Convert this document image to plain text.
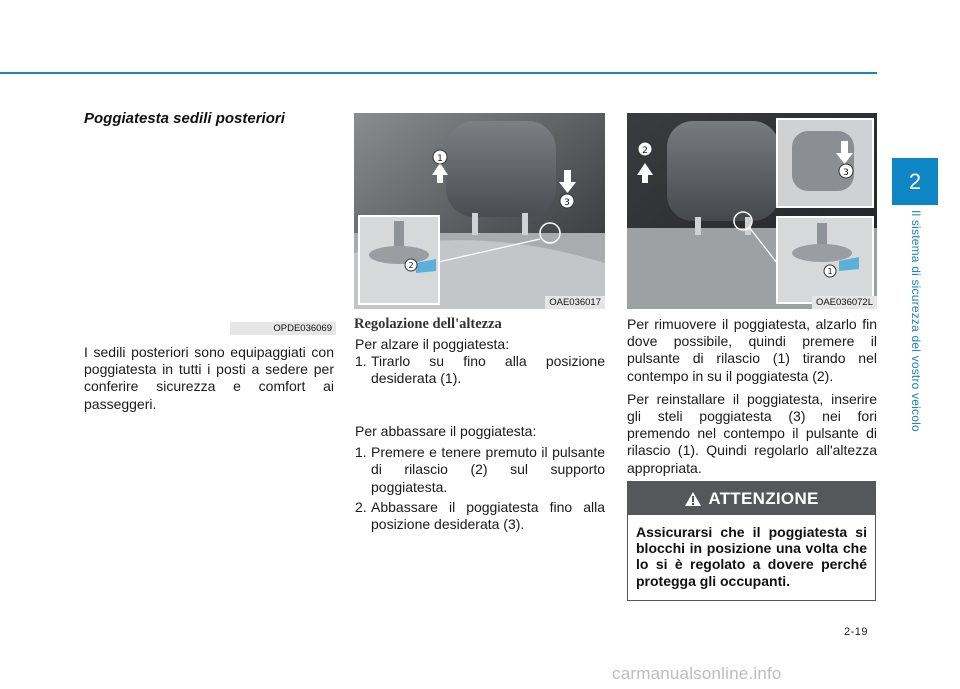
Poggiatesta sedili posteriori
OPDE036069

I sedili posteriori sono equipaggiati con poggiatesta in tutti i posti a sedere per conferire sicurezza e comfort ai passeggeri.

2
1
3
OAE036017
Regolazione dell'altezza

Per alzare il poggiatesta:

1. Tirarlo su fino alla posizione desiderata (1).

Per abbassare il poggiatesta:

1. Premere e tenere premuto il pulsante di rilascio (2) sul supporto poggiatesta.
2. Abbassare il poggiatesta fino alla posizione desiderata (3).
3
1
2
OAE036072L

Per rimuovere il poggiatesta, alzarlo fin dove possibile, quindi premere il pulsante di rilascio (1) tirando nel contempo in su il poggiatesta (2).

Per reinstallare il poggiatesta, inserire gli steli poggiatesta (3) nei fori premendo nel contempo il pulsante di rilascio (1). Quindi regolarlo all'altezza appropriata.

ATTENZIONE
Assicurarsi che il poggiatesta si blocchi in posizione una volta che lo si è regolato a dovere perché protegga gli occupanti.
2
Il sistema di sicurezza del vostro veicolo
2-19
carmanualsonline.info
